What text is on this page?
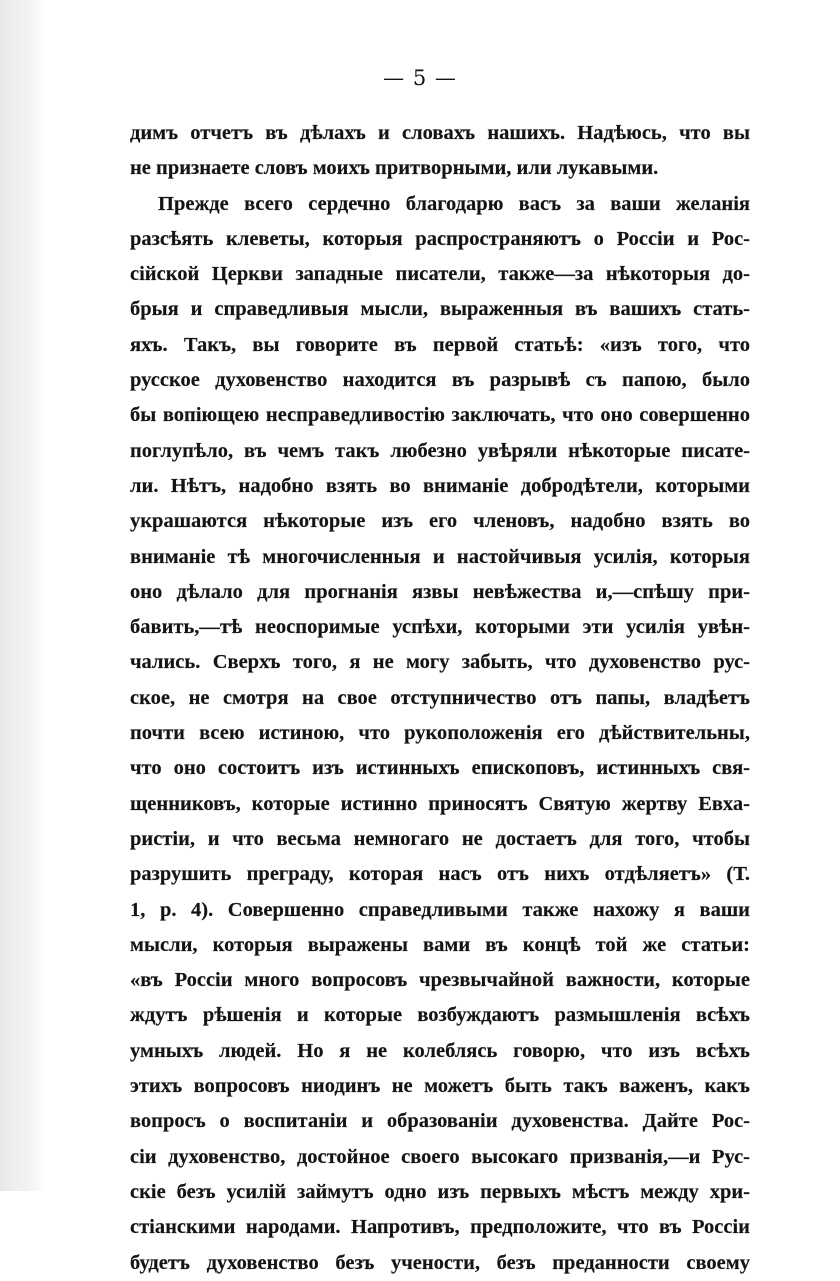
— 5 —
димъ отчетъ въ дѣлахъ и словахъ нашихъ. Надѣюсь, что вы
не признаете словъ моихъ притворными, или лукавыми.
Прежде всего сердечно благодарю васъ за ваши желанія
разсѣять клеветы, которыя распространяютъ о Россіи и Рос-
сійской Церкви западные писатели, также—за нѣкоторыя до-
брыя и справедливыя мысли, выраженныя въ вашихъ стать-
яхъ. Такъ, вы говорите въ первой статьѣ: «изъ того, что
русское духовенство находится въ разрывѣ съ папою, было
бы вопіющею несправедливостію заключать, что оно совершенно
поглупѣло, въ чемъ такъ любезно увѣряли нѣкоторые писате-
ли. Нѣтъ, надобно взять во вниманіе добродѣтели, которыми
украшаются нѣкоторые изъ его членовъ, надобно взять во
вниманіе тѣ многочисленныя и настойчивыя усилія, которыя
оно дѣлало для прогнанія язвы невѣжества и,—спѣшу при-
бавить,—тѣ неоспоримые успѣхи, которыми эти усилія увѣн-
чались. Сверхъ того, я не могу забыть, что духовенство рус-
ское, не смотря на свое отступничество отъ папы, владѣетъ
почти всею истиною, что рукоположенія его дѣйствительны,
что оно состоитъ изъ истинныхъ епископовъ, истинныхъ свя-
щенниковъ, которые истинно приносятъ Святую жертву Евха-
ристіи, и что весьма немногаго не достаетъ для того, чтобы
разрушить преграду, которая насъ отъ нихъ отдѣляетъ» (Т.
1, p. 4). Совершенно справедливыми также нахожу я ваши
мысли, которыя выражены вами въ концѣ той же статьи:
«въ Россіи много вопросовъ чрезвычайной важности, которые
ждутъ рѣшенія и которые возбуждаютъ размышленія всѣхъ
умныхъ людей. Но я не колеблясь говорю, что изъ всѣхъ
этихъ вопросовъ ниодинъ не можетъ быть такъ важенъ, какъ
вопросъ о воспитаніи и образованіи духовенства. Дайте Рос-
сіи духовенство, достойное своего высокаго призванія,—и Рус-
скіе безъ усилій займутъ одно изъ первыхъ мѣстъ между хри-
стіанскими народами. Напротивъ, предположите, что въ Россіи
будетъ духовенство безъ учености, безъ преданности своему
